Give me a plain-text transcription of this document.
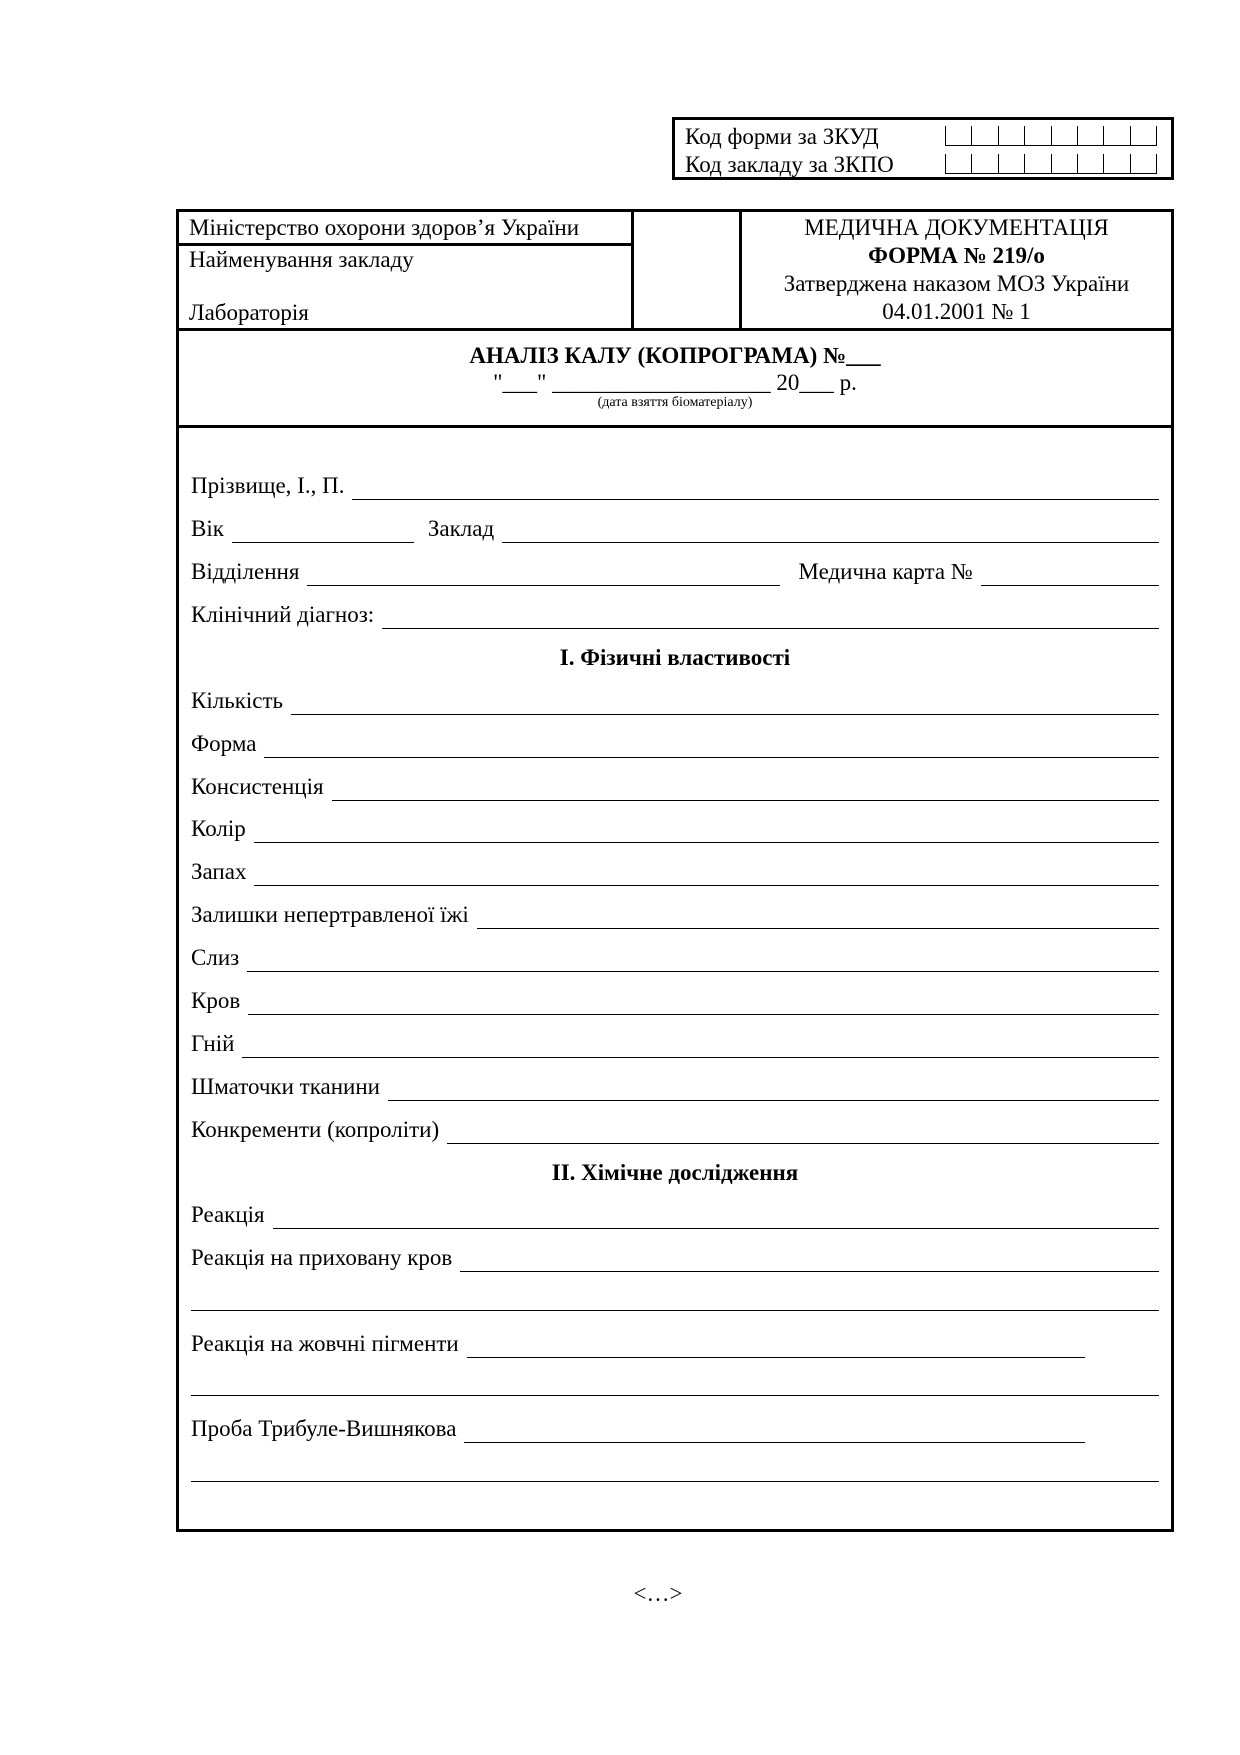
Код форми за ЗКУД
Код закладу за ЗКПО
Міністерство охорони здоров’я України
Найменування закладу
Лабораторія
МЕДИЧНА ДОКУМЕНТАЦІЯ
ФОРМА № 219/о
Затверджена наказом МОЗ України
04.01.2001 № 1
АНАЛІЗ КАЛУ (КОПРОГРАМА) №___
"___" ___________________ 20___ р.
(дата взяття біоматеріалу)
Прізвище, І., П.
Вік	Заклад
Відділення	Медична карта №
Клінічний діагноз:
І. Фізичні властивості
Кількість
Форма
Консистенція
Колір
Запах
Залишки непертравленої їжі
Слиз
Кров
Гній
Шматочки тканини
Конкременти (копроліти)
ІІ. Хімічне дослідження
Реакція
Реакція на приховану кров
Реакція на жовчні пігменти
Проба Трибуле-Вишнякова
<…>
